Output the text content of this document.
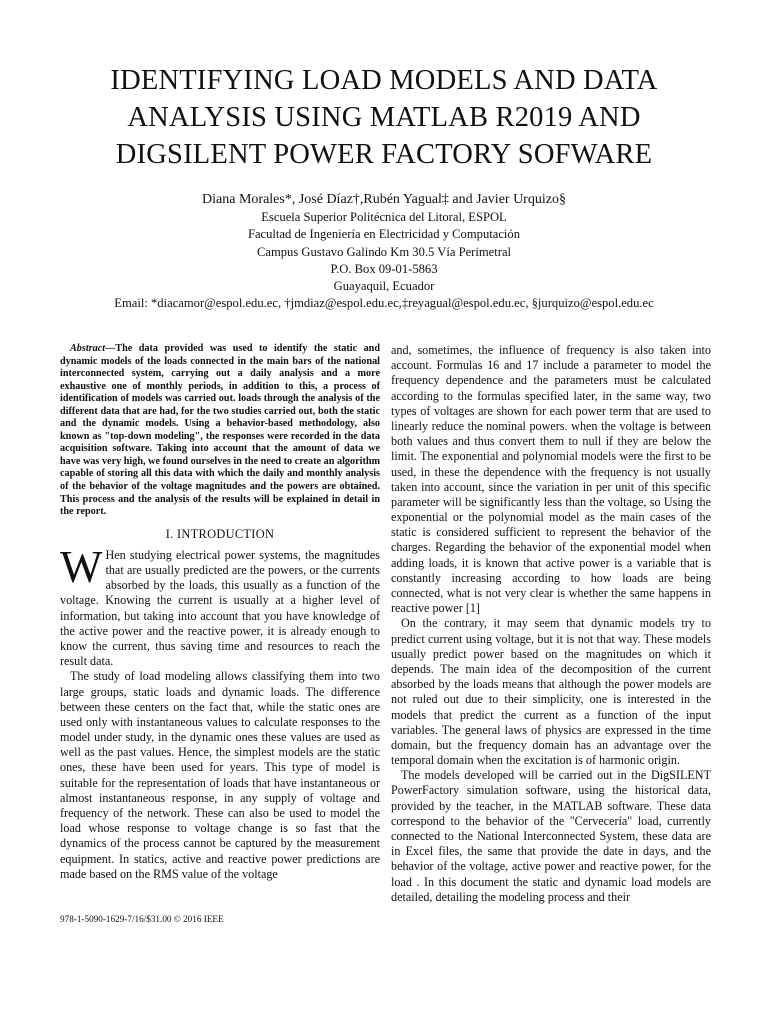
IDENTIFYING LOAD MODELS AND DATA
ANALYSIS USING MATLAB R2019 AND
DIGSILENT POWER FACTORY SOFWARE
Diana Morales*, José Díaz†,Rubén Yagual‡ and Javier Urquizo§
Escuela Superior Politécnica del Litoral, ESPOL
Facultad de Ingeniería en Electricidad y Computación
Campus Gustavo Galindo Km 30.5 Vía Perimetral
P.O. Box 09-01-5863
Guayaquil, Ecuador
Email: *diacamor@espol.edu.ec, †jmdiaz@espol.edu.ec,‡reyagual@espol.edu.ec, §jurquizo@espol.edu.ec

Abstract—The data provided was used to identify the static and dynamic models of the loads connected in the main bars of the national interconnected system, carrying out a daily analysis and a more exhaustive one of monthly periods, in addition to this, a process of identification of models was carried out. loads through the analysis of the different data that are had, for the two studies carried out, both the static and the dynamic models. Using a behavior-based methodology, also known as "top-down modeling", the responses were recorded in the data acquisition software. Taking into account that the amount of data we have was very high, we found ourselves in the need to create an algorithm capable of storing all this data with which the daily and monthly analysis of the behavior of the voltage magnitudes and the powers are obtained. This process and the analysis of the results will be explained in detail in the report.

I. INTRODUCTION

W Hen studying electrical power systems, the magnitudes that are usually predicted are the powers, or the currents absorbed by the loads, this usually as a function of the voltage. Knowing the current is usually at a higher level of information, but taking into account that you have knowledge of the active power and the reactive power, it is already enough to know the current, thus saving time and resources to reach the result data.

The study of load modeling allows classifying them into two large groups, static loads and dynamic loads. The difference between these centers on the fact that, while the static ones are used only with instantaneous values to calculate responses to the model under study, in the dynamic ones these values are used as well as the past values. Hence, the simplest models are the static ones, these have been used for years. This type of model is suitable for the representation of loads that have instantaneous or almost instantaneous response, in any supply of voltage and frequency of the network. These can also be used to model the load whose response to voltage change is so fast that the dynamics of the process cannot be captured by the measurement equipment. In statics, active and reactive power predictions are made based on the RMS value of the voltage

and, sometimes, the influence of frequency is also taken into account. Formulas 16 and 17 include a parameter to model the frequency dependence and the parameters must be calculated according to the formulas specified later, in the same way, two types of voltages are shown for each power term that are used to linearly reduce the nominal powers. when the voltage is between both values and thus convert them to null if they are below the limit. The exponential and polynomial models were the first to be used, in these the dependence with the frequency is not usually taken into account, since the variation in per unit of this specific parameter will be significantly less than the voltage, so Using the exponential or the polynomial model as the main cases of the static is considered sufficient to represent the behavior of the charges. Regarding the behavior of the exponential model when adding loads, it is known that active power is a variable that is constantly increasing according to how loads are being connected, what is not very clear is whether the same happens in reactive power [1]

On the contrary, it may seem that dynamic models try to predict current using voltage, but it is not that way. These models usually predict power based on the magnitudes on which it depends. The main idea of the decomposition of the current absorbed by the loads means that although the power models are not ruled out due to their simplicity, one is interested in the models that predict the current as a function of the input variables. The general laws of physics are expressed in the time domain, but the frequency domain has an advantage over the temporal domain when the excitation is of harmonic origin.

The models developed will be carried out in the DigSILENT PowerFactory simulation software, using the historical data, provided by the teacher, in the MATLAB software. These data correspond to the behavior of the "Cervecería" load, currently connected to the National Interconnected System, these data are in Excel files, the same that provide the date in days, and the behavior of the voltage, active power and reactive power, for the load . In this document the static and dynamic load models are detailed, detailing the modeling process and their

978-1-5090-1629-7/16/$31.00 © 2016 IEEE
